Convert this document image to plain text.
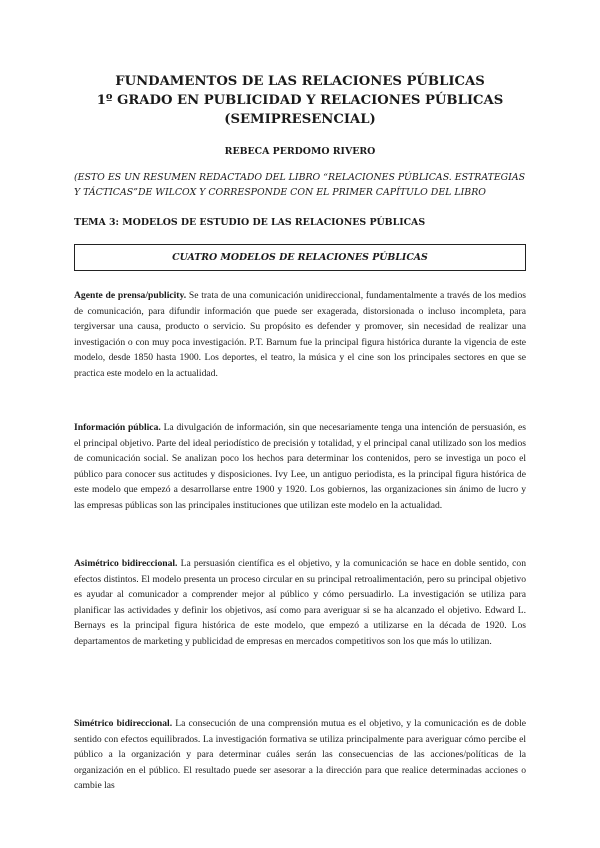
FUNDAMENTOS DE LAS RELACIONES PÚBLICAS
1º GRADO EN PUBLICIDAD Y RELACIONES PÚBLICAS
(SEMIPRESENCIAL)
REBECA PERDOMO RIVERO
(ESTO ES UN RESUMEN REDACTADO DEL LIBRO “RELACIONES PÚBLICAS. ESTRATEGIAS Y TÁCTICAS”DE WILCOX Y CORRESPONDE CON EL PRIMER CAPÍTULO DEL LIBRO
TEMA 3: MODELOS DE ESTUDIO DE LAS RELACIONES PÚBLICAS
CUATRO MODELOS DE RELACIONES PÚBLICAS
Agente de prensa/publicity. Se trata de una comunicación unidireccional, fundamentalmente a través de los medios de comunicación, para difundir información que puede ser exagerada, distorsionada o incluso incompleta, para tergiversar una causa, producto o servicio. Su propósito es defender y promover, sin necesidad de realizar una investigación o con muy poca investigación. P.T. Barnum fue la principal figura histórica durante la vigencia de este modelo, desde 1850 hasta 1900. Los deportes, el teatro, la música y el cine son los principales sectores en que se practica este modelo en la actualidad.
Información pública. La divulgación de información, sin que necesariamente tenga una intención de persuasión, es el principal objetivo. Parte del ideal periodístico de precisión y totalidad, y el principal canal utilizado son los medios de comunicación social. Se analizan poco los hechos para determinar los contenidos, pero se investiga un poco el público para conocer sus actitudes y disposiciones. Ivy Lee, un antiguo periodista, es la principal figura histórica de este modelo que empezó a desarrollarse entre 1900 y 1920. Los gobiernos, las organizaciones sin ánimo de lucro y las empresas públicas son las principales instituciones que utilizan este modelo en la actualidad.
Asimétrico bidireccional. La persuasión científica es el objetivo, y la comunicación se hace en doble sentido, con efectos distintos. El modelo presenta un proceso circular en su principal retroalimentación, pero su principal objetivo es ayudar al comunicador a comprender mejor al público y cómo persuadirlo. La investigación se utiliza para planificar las actividades y definir los objetivos, así como para averiguar si se ha alcanzado el objetivo. Edward L. Bernays es la principal figura histórica de este modelo, que empezó a utilizarse en la década de 1920. Los departamentos de marketing y publicidad de empresas en mercados competitivos son los que más lo utilizan.
Simétrico bidireccional. La consecución de una comprensión mutua es el objetivo, y la comunicación es de doble sentido con efectos equilibrados. La investigación formativa se utiliza principalmente para averiguar cómo percibe el público a la organización y para determinar cuáles serán las consecuencias de las acciones/políticas de la organización en el público. El resultado puede ser asesorar a la dirección para que realice determinadas acciones o cambie las
